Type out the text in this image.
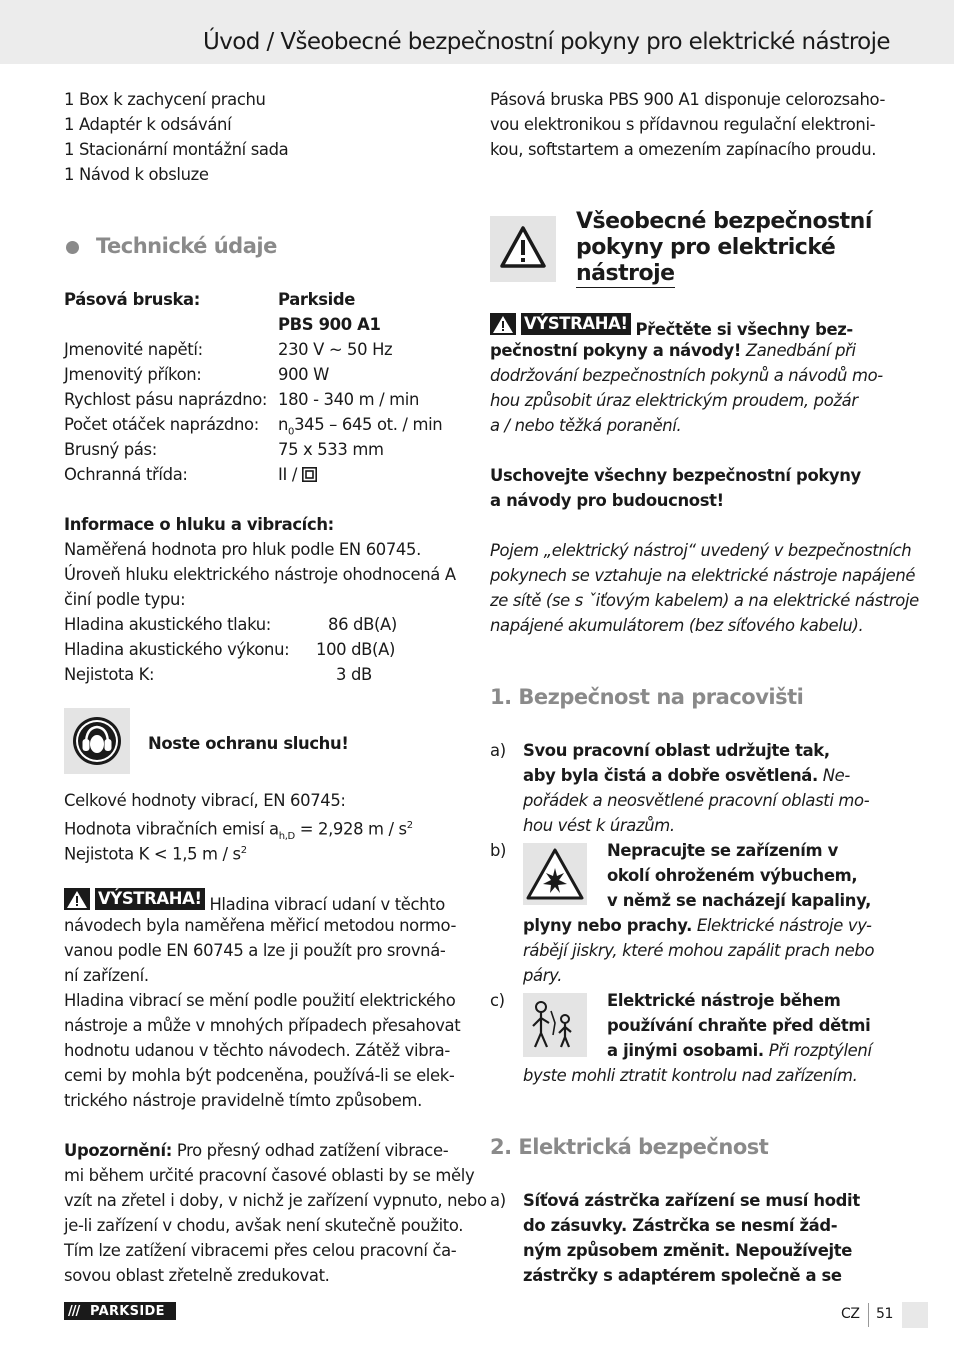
Úvod / Všeobecné bezpečnostní pokyny pro elektrické nástroje
1 Box k zachycení prachu
1 Adaptér k odsávání
1 Stacionární montážní sada
1 Návod k obsluze
Technické údaje
Pásová bruska:	Parkside
PBS 900 A1
Jmenovité napětí:	230 V ~ 50 Hz
Jmenovitý příkon:	900 W
Rychlost pásu naprázdno: 180 - 340 m / min
Počet otáček naprázdno: $n_0345 - 645$ ot. / min
Brusný pás:	75 x 533 mm
Ochranná třída:	II /
Informace o hluku a vibracích:
Naměřená hodnota pro hluk podle EN 60745.
Úroveň hluku elektrického nástroje ohodnocená A
činí podle typu:
Hladina akustického tlaku:	86 dB(A)
Hladina akustického výkonu: 100 dB(A)
Nejistota K:	3 dB
Noste ochranu sluchu!
Celkové hodnoty vibrací, EN 60745:
Hodnota vibračních emisí $a_{h,D} = 2,928$ m / $s^2$
Nejistota K < 1,5 m / $s^2$
VÝSTRAHA! Hladina vibrací udaní v těchto
návodech byla naměřena měřicí metodou normo-
vanou podle EN 60745 a lze ji použít pro srovná-
ní zařízení.
Hladina vibrací se mění podle použití elektrického
nástroje a může v mnohých případech přesahovat
hodnotu udanou v těchto návodech. Zátěž vibra-
cemi by mohla být podceněna, používá-li se elek-
trického nástroje pravidelně tímto způsobem.
Upozornění: Pro přesný odhad zatížení vibrace-
mi během určité pracovní časové oblasti by se měly
vzít na zřetel i doby, v nichž je zařízení vypnuto, nebo
je-li zařízení v chodu, avšak není skutečně použito.
Tím lze zatížení vibracemi přes celou pracovní ča-
sovou oblast zřetelně zredukovat.
Pásová bruska PBS 900 A1 disponuje celorozsaho-
vou elektronikou s přídavnou regulační elektroni-
kou, softstartem a omezením zapínacího proudu.
Všeobecné bezpečnostní
pokyny pro elektrické
nástroje
VÝSTRAHA! Přečtěte si všechny bez-
pečnostní pokyny a návody! Zanedbání při
dodržování bezpečnostních pokynů a návodů mo-
hou způsobit úraz elektrickým proudem, požár
a / nebo těžká poranění.
Uschovejte všechny bezpečnostní pokyny
a návody pro budoucnost!
Pojem „elektrický nástroj“ uvedený v bezpečnostních
pokynech se vztahuje na elektrické nástroje napájené
ze sítě (se s ˇiťovým kabelem) a na elektrické nástroje
napájené akumulátorem (bez síťového kabelu).
1. Bezpečnost na pracovišti
a) Svou pracovní oblast udržujte tak,
aby byla čistá a dobře osvětlená. Ne-
pořádek a neosvětlené pracovní oblasti mo-
hou vést k úrazům.
b)	Nepracujte se zařízením v
okolí ohroženém výbuchem,
v němž se nacházejí kapaliny,
plyny nebo prachy. Elektrické nástroje vy-
rábějí jiskry, které mohou zapálit prach nebo
páry.
c)	Elektrické nástroje během
používání chraňte před dětmi
a jinými osobami. Při rozptýlení
byste mohli ztratit kontrolu nad zařízením.
2. Elektrická bezpečnost
a) Síťová zástrčka zařízení se musí hodit
do zásuvky. Zástrčka se nesmí žád-
ným způsobem změnit. Nepoužívejte
zástrčky s adaptérem společně a se
/// PARKSIDE	CZ 51
